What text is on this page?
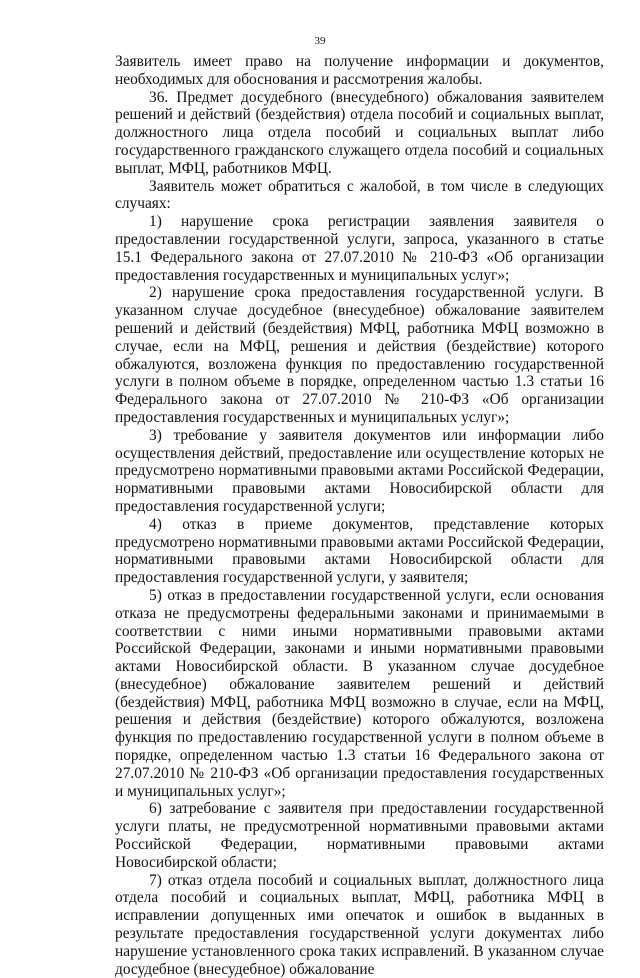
39

Заявитель имеет право на получение информации и документов, необходимых для обоснования и рассмотрения жалобы.

36. Предмет досудебного (внесудебного) обжалования заявителем решений и действий (бездействия) отдела пособий и социальных выплат, должностного лица отдела пособий и социальных выплат либо государственного гражданского служащего отдела пособий и социальных выплат, МФЦ, работников МФЦ.

Заявитель может обратиться с жалобой, в том числе в следующих случаях:

1) нарушение срока регистрации заявления заявителя о предоставлении государственной услуги, запроса, указанного в статье 15.1 Федерального закона от 27.07.2010 № 210-ФЗ «Об организации предоставления государственных и муниципальных услуг»;

2) нарушение срока предоставления государственной услуги. В указанном случае досудебное (внесудебное) обжалование заявителем решений и действий (бездействия) МФЦ, работника МФЦ возможно в случае, если на МФЦ, решения и действия (бездействие) которого обжалуются, возложена функция по предоставлению государственной услуги в полном объеме в порядке, определенном частью 1.3 статьи 16 Федерального закона от 27.07.2010 № 210-ФЗ «Об организации предоставления государственных и муниципальных услуг»;

3) требование у заявителя документов или информации либо осуществления действий, предоставление или осуществление которых не предусмотрено нормативными правовыми актами Российской Федерации, нормативными правовыми актами Новосибирской области для предоставления государственной услуги;

4) отказ в приеме документов, представление которых предусмотрено нормативными правовыми актами Российской Федерации, нормативными правовыми актами Новосибирской области для предоставления государственной услуги, у заявителя;

5) отказ в предоставлении государственной услуги, если основания отказа не предусмотрены федеральными законами и принимаемыми в соответствии с ними иными нормативными правовыми актами Российской Федерации, законами и иными нормативными правовыми актами Новосибирской области. В указанном случае досудебное (внесудебное) обжалование заявителем решений и действий (бездействия) МФЦ, работника МФЦ возможно в случае, если на МФЦ, решения и действия (бездействие) которого обжалуются, возложена функция по предоставлению государственной услуги в полном объеме в порядке, определенном частью 1.3 статьи 16 Федерального закона от 27.07.2010 № 210-ФЗ «Об организации предоставления государственных и муниципальных услуг»;

6) затребование с заявителя при предоставлении государственной услуги платы, не предусмотренной нормативными правовыми актами Российской Федерации, нормативными правовыми актами Новосибирской области;

7) отказ отдела пособий и социальных выплат, должностного лица отдела пособий и социальных выплат, МФЦ, работника МФЦ в исправлении допущенных ими опечаток и ошибок в выданных в результате предоставления государственной услуги документах либо нарушение установленного срока таких исправлений. В указанном случае досудебное (внесудебное) обжалование
